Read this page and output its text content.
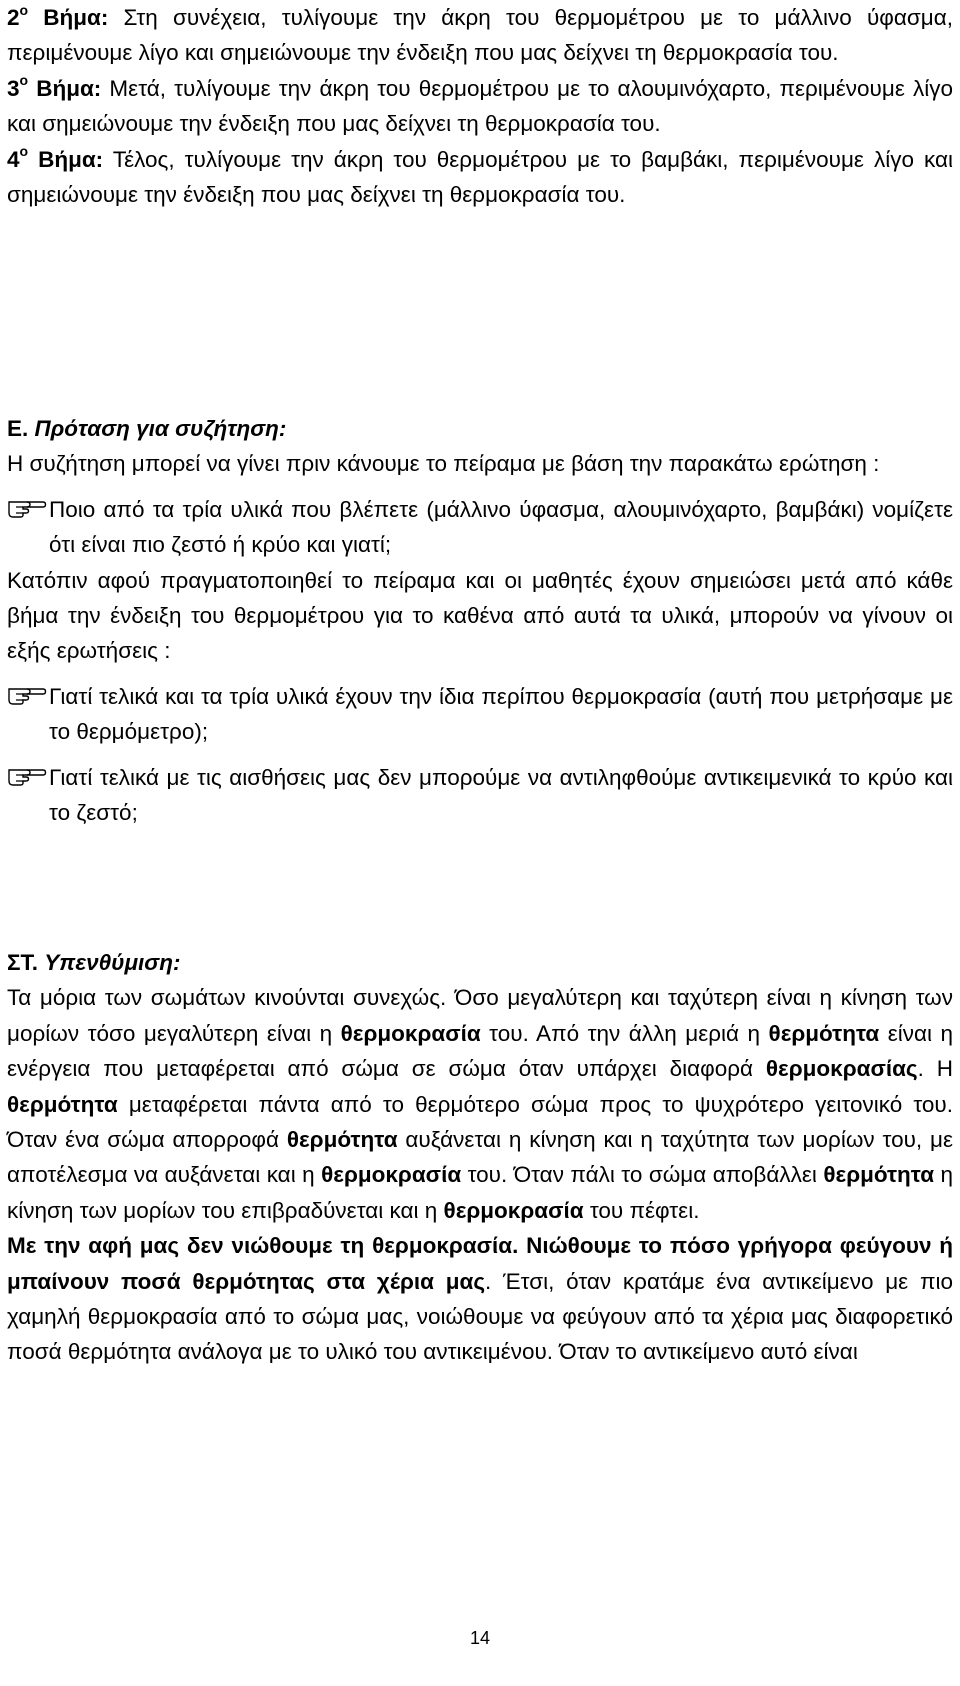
$2^o$ Βήμα: Στη συνέχεια, τυλίγουμε την άκρη του θερμομέτρου με το μάλλινο ύφασμα, περιμένουμε λίγο και σημειώνουμε την ένδειξη που μας δείχνει τη θερμοκρασία του.

$3^o$ Βήμα: Μετά, τυλίγουμε την άκρη του θερμομέτρου με το αλουμινόχαρτο, περιμένουμε λίγο και σημειώνουμε την ένδειξη που μας δείχνει τη θερμοκρασία του.

$4^o$ Βήμα: Τέλος, τυλίγουμε την άκρη του θερμομέτρου με το βαμβάκι, περιμένουμε λίγο και σημειώνουμε την ένδειξη που μας δείχνει τη θερμοκρασία του.

Ε. Πρόταση για συζήτηση:

Η συζήτηση μπορεί να γίνει πριν κάνουμε το πείραμα με βάση την παρακάτω ερώτηση :

Ποιο από τα τρία υλικά που βλέπετε (μάλλινο ύφασμα, αλουμινόχαρτο, βαμβάκι) νομίζετε ότι είναι πιο ζεστό ή κρύο και γιατί;

Κατόπιν αφού πραγματοποιηθεί το πείραμα και οι μαθητές έχουν σημειώσει μετά από κάθε βήμα την ένδειξη του θερμομέτρου για το καθένα από αυτά τα υλικά, μπορούν να γίνουν οι εξής ερωτήσεις :

Γιατί τελικά και τα τρία υλικά έχουν την ίδια περίπου θερμοκρασία (αυτή που μετρήσαμε με το θερμόμετρο);

Γιατί τελικά με τις αισθήσεις μας δεν μπορούμε να αντιληφθούμε αντικειμενικά το κρύο και το ζεστό;

ΣΤ. Υπενθύμιση:

Τα μόρια των σωμάτων κινούνται συνεχώς. Όσο μεγαλύτερη και ταχύτερη είναι η κίνηση των μορίων τόσο μεγαλύτερη είναι η θερμοκρασία του. Από την άλλη μεριά η θερμότητα είναι η ενέργεια που μεταφέρεται από σώμα σε σώμα όταν υπάρχει διαφορά θερμοκρασίας. Η θερμότητα μεταφέρεται πάντα από το θερμότερο σώμα προς το ψυχρότερο γειτονικό του. Όταν ένα σώμα απορροφά θερμότητα αυξάνεται η κίνηση και η ταχύτητα των μορίων του, με αποτέλεσμα να αυξάνεται και η θερμοκρασία του. Όταν πάλι το σώμα αποβάλλει θερμότητα η κίνηση των μορίων του επιβραδύνεται και η θερμοκρασία του πέφτει.

Με την αφή μας δεν νιώθουμε τη θερμοκρασία. Νιώθουμε το πόσο γρήγορα φεύγουν ή μπαίνουν ποσά θερμότητας στα χέρια μας. Έτσι, όταν κρατάμε ένα αντικείμενο με πιο χαμηλή θερμοκρασία από το σώμα μας, νοιώθουμε να φεύγουν από τα χέρια μας διαφορετικό ποσά θερμότητα ανάλογα με το υλικό του αντικειμένου. Όταν το αντικείμενο αυτό είναι

14
